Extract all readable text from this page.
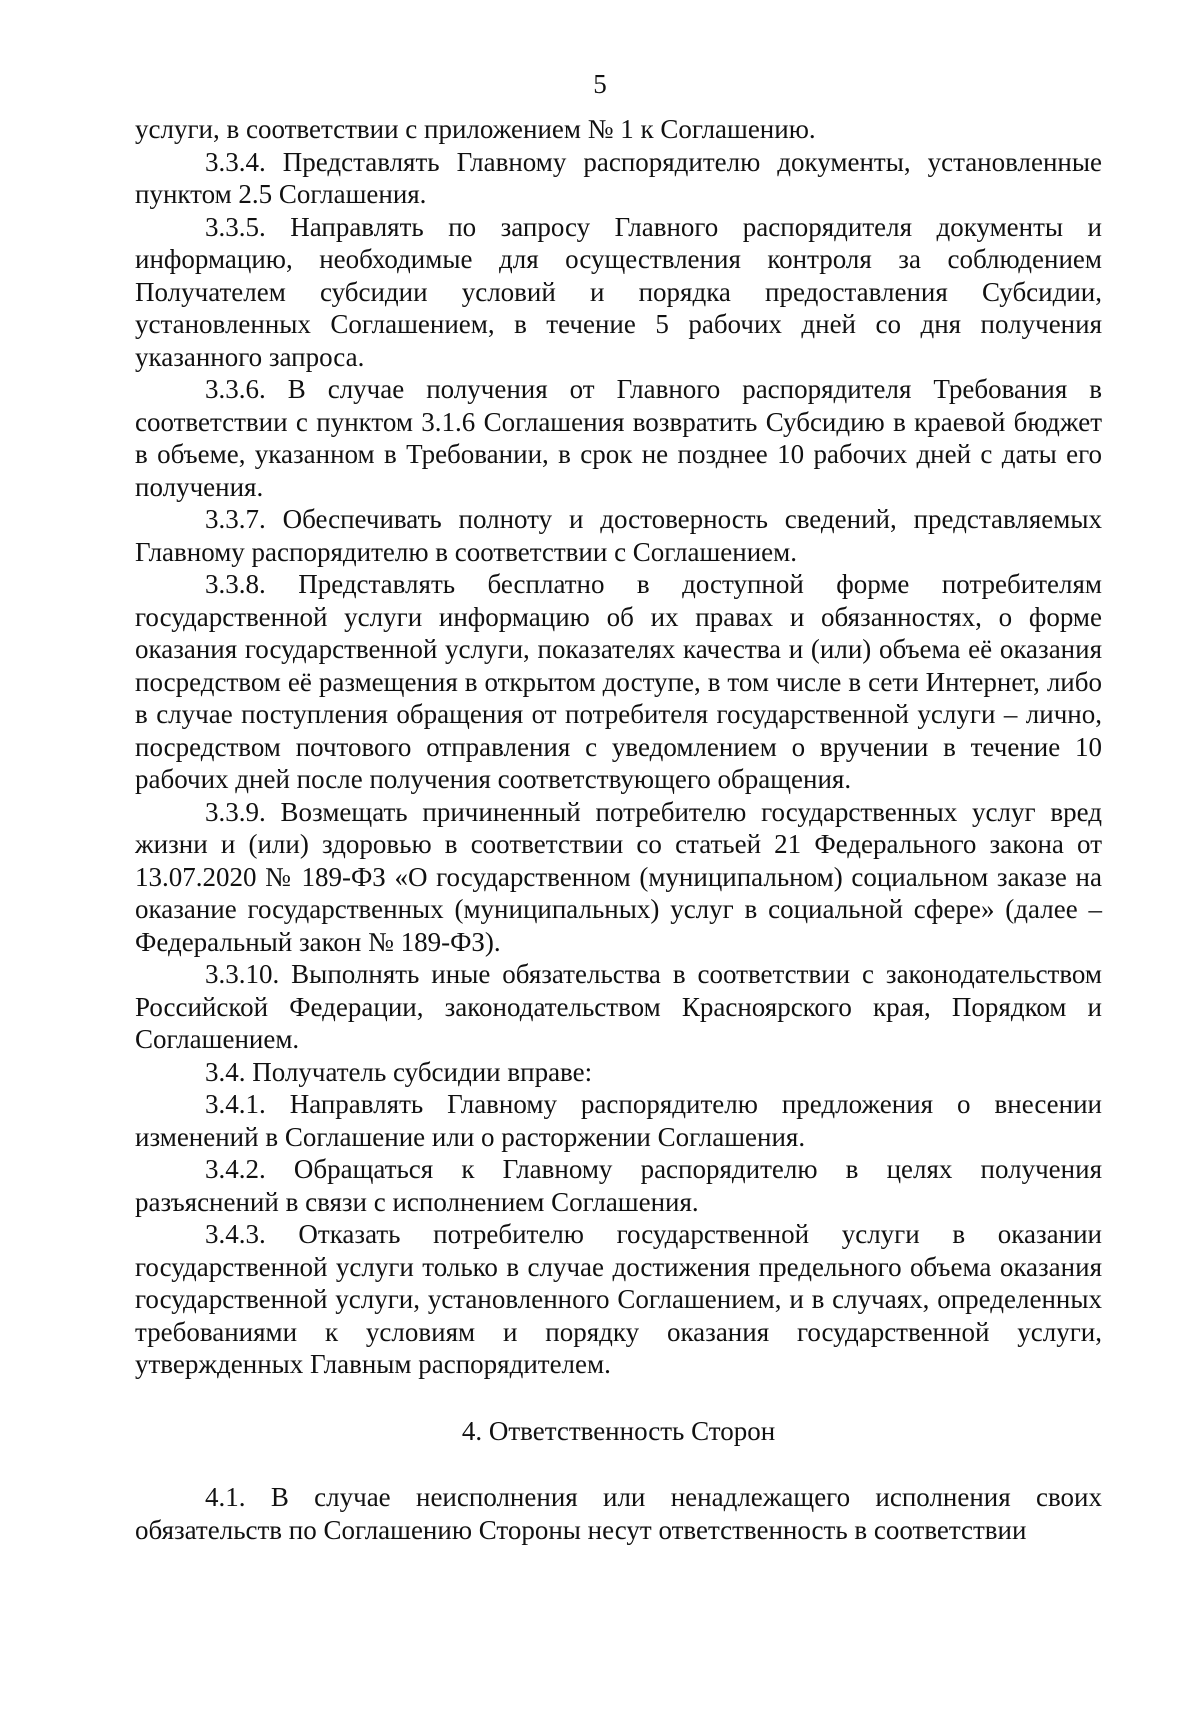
5

услуги, в соответствии с приложением № 1 к Соглашению.

3.3.4. Представлять Главному распорядителю документы, установленные пунктом 2.5 Соглашения.

3.3.5. Направлять по запросу Главного распорядителя документы и информацию, необходимые для осуществления контроля за соблюдением Получателем субсидии условий и порядка предоставления Субсидии, установленных Соглашением, в течение 5 рабочих дней со дня получения указанного запроса.

3.3.6. В случае получения от Главного распорядителя Требования в соответствии с пунктом 3.1.6 Соглашения возвратить Субсидию в краевой бюджет в объеме, указанном в Требовании, в срок не позднее 10 рабочих дней с даты его получения.

3.3.7. Обеспечивать полноту и достоверность сведений, представляемых Главному распорядителю в соответствии с Соглашением.

3.3.8. Представлять бесплатно в доступной форме потребителям государственной услуги информацию об их правах и обязанностях, о форме оказания государственной услуги, показателях качества и (или) объема её оказания посредством её размещения в открытом доступе, в том числе в сети Интернет, либо в случае поступления обращения от потребителя государственной услуги – лично, посредством почтового отправления с уведомлением о вручении в течение 10 рабочих дней после получения соответствующего обращения.

3.3.9. Возмещать причиненный потребителю государственных услуг вред жизни и (или) здоровью в соответствии со статьей 21 Федерального закона от 13.07.2020 № 189-ФЗ «О государственном (муниципальном) социальном заказе на оказание государственных (муниципальных) услуг в социальной сфере» (далее – Федеральный закон № 189-ФЗ).

3.3.10. Выполнять иные обязательства в соответствии с законодательством Российской Федерации, законодательством Красноярского края, Порядком и Соглашением.

3.4. Получатель субсидии вправе:

3.4.1. Направлять Главному распорядителю предложения о внесении изменений в Соглашение или о расторжении Соглашения.

3.4.2. Обращаться к Главному распорядителю в целях получения разъяснений в связи с исполнением Соглашения.

3.4.3. Отказать потребителю государственной услуги в оказании государственной услуги только в случае достижения предельного объема оказания государственной услуги, установленного Соглашением, и в случаях, определенных требованиями к условиям и порядку оказания государственной услуги, утвержденных Главным распорядителем.

4. Ответственность Сторон

4.1. В случае неисполнения или ненадлежащего исполнения своих обязательств по Соглашению Стороны несут ответственность в соответствии
